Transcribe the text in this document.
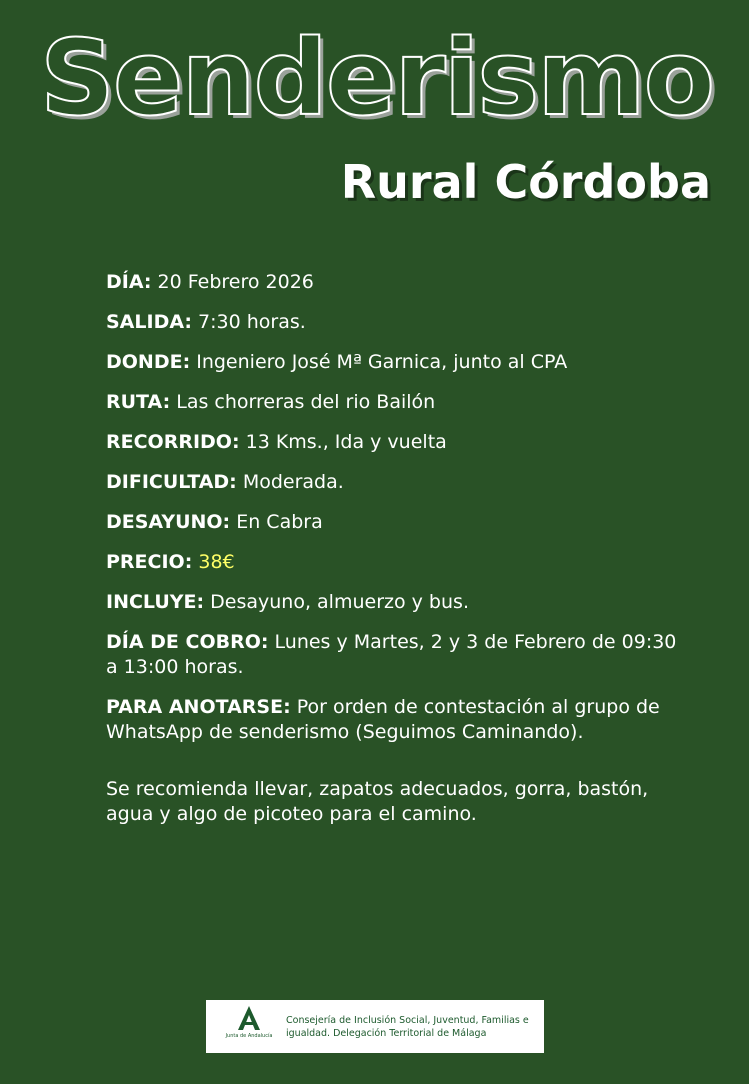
Senderismo
Rural Córdoba

DÍA: 20 Febrero 2026

SALIDA: 7:30 horas.

DONDE: Ingeniero José Mª Garnica, junto al CPA

RUTA: Las chorreras del rio Bailón

RECORRIDO: 13 Kms., Ida y vuelta

DIFICULTAD: Moderada.

DESAYUNO: En Cabra

PRECIO: 38€

INCLUYE: Desayuno, almuerzo y bus.

DÍA DE COBRO: Lunes y Martes, 2 y 3 de Febrero de 09:30 a 13:00 horas.

PARA ANOTARSE: Por orden de contestación al grupo de WhatsApp de senderismo (Seguimos Caminando).

Se recomienda llevar, zapatos adecuados, gorra, bastón, agua y algo de picoteo para el camino.

Junta de Andalucía
Consejería de Inclusión Social, Juventud, Familias e
igualdad. Delegación Territorial de Málaga
